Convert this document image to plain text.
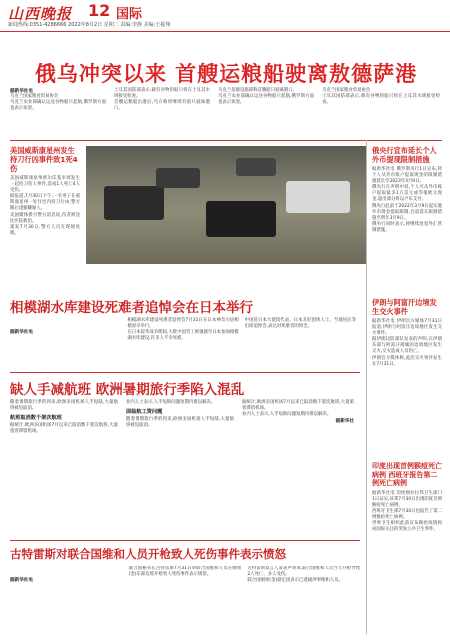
山西晚报 12 国际
新闻热线:0351-4286666 2022年8月2日 星期二 责编:李静 美编:王振翔
俄乌冲突以来 首艘运粮船驶离敖德萨港
据新华社电

乌克兰国家粮食贸易协会

乌克兰农业部确认运送谷物船只起航,俄罗斯方面也表示欢迎。

土耳其国防部表示,载有谷物的船只将在土耳其水域接受检查。

首艘运粮船出港后,乌方称将继续有船只驶离港口。

乌克兰基础设施部称首艘船只驶离港口。

乌克兰农业部确认运送谷物船只起航,俄罗斯方面也表示欢迎。

乌克兰国家粮食贸易协会

土耳其国防部表示,载有谷物的船只将在土耳其水域接受检查。

美国威斯康星州发生持刀行凶事件致1死4伤

美国威斯康星州密尔沃基市郊发生一起持刀伤人事件,造成1人死亡4人受伤。

据报道,7月30日下午,一名男子在威斯康星州一处住宅内持刀行凶,警方随后逮捕嫌疑人。

美国媒体援引警方消息说,伤者被送往医院救治。

案发7月30日,警方人员在现场处理。

俄央行宣布延长个人外币提现限制措施

据新华社电 俄罗斯央行1日宣布,将个人从外币账户提取现金的限制措施延长至2023年3月9日。

俄央行在声明中说,个人可从外币账户提取最多1万美元或等值欧元现金,超出部分将以卢布支付。

俄央行此前于2022年3月9日起实施外币现金提取限制,目前延长限制措施至明年3月9日。

俄央行同时表示,将继续放宽外汇管制措施。

相模湖水库建设死难者追悼会在日本举行
据新华社电

相模湖水库建设死难者追悼会7月31日在日本神奈川县相模原市举行。

在日本侵华战争期间,大批中国劳工被强掳至日本参加相模湖水库建设,许多人不幸死难。

中国驻日本大使馆代表、日本友好团体人士、当地居民等出席追悼会,表达对死难者的悼念。

伊朗与阿富汗边境发生交火事件

据新华社电 伊朗官方媒体7月31日报道,伊朗与阿富汗边境地区发生交火事件。

据伊朗边防部队发表的声明,在伊朗东部与阿富汗接壤的边境地区发生交火,交火造成人员伤亡。

伊朗官方媒体称,此次交火事件发生在7月31日。

缺人手减航班 欧洲暑期旅行季陷入混乱

随着暑期旅行季的到来,欧洲多国机场人手短缺,大量航班被迫取消。

航班取消数千架次航班

据统计,欧洲多国机场7月以来已取消数千架次航班,大量旅客滞留机场。

业内人士表示,人手短缺问题短期内难以解决。

面临航工资问题

随着暑期旅行季的到来,欧洲多国机场人手短缺,大量航班被迫取消。

据统计,欧洲多国机场7月以来已取消数千架次航班,大量旅客滞留机场。

业内人士表示,人手短缺问题短期内难以解决。

据新华社
印度出现首例猴痘死亡病例 西班牙报告第二例死亡病例

据新华社电 印度喀拉拉邦卫生部门1日证实,该邦7月30日出现印度首例猴痘死亡病例。

西班牙卫生部7月30日也报告了第二例猴痘死亡病例。

世界卫生组织此前宣布猴痘疫情构成国际关注的突发公共卫生事件。

古特雷斯对联合国维和人员开枪致人死伤事件表示愤怒
据新华社电

联合国秘书长古特雷斯7月31日对联合国维和人员在刚果(金)东部边境开枪致人死伤事件表示愤怒。

古特雷斯发言人发表声明说,联合国维和人员当天开枪导致2人死亡、多人受伤。

联合国刚果(金)稳定团表示已逮捕涉事维和人员。
